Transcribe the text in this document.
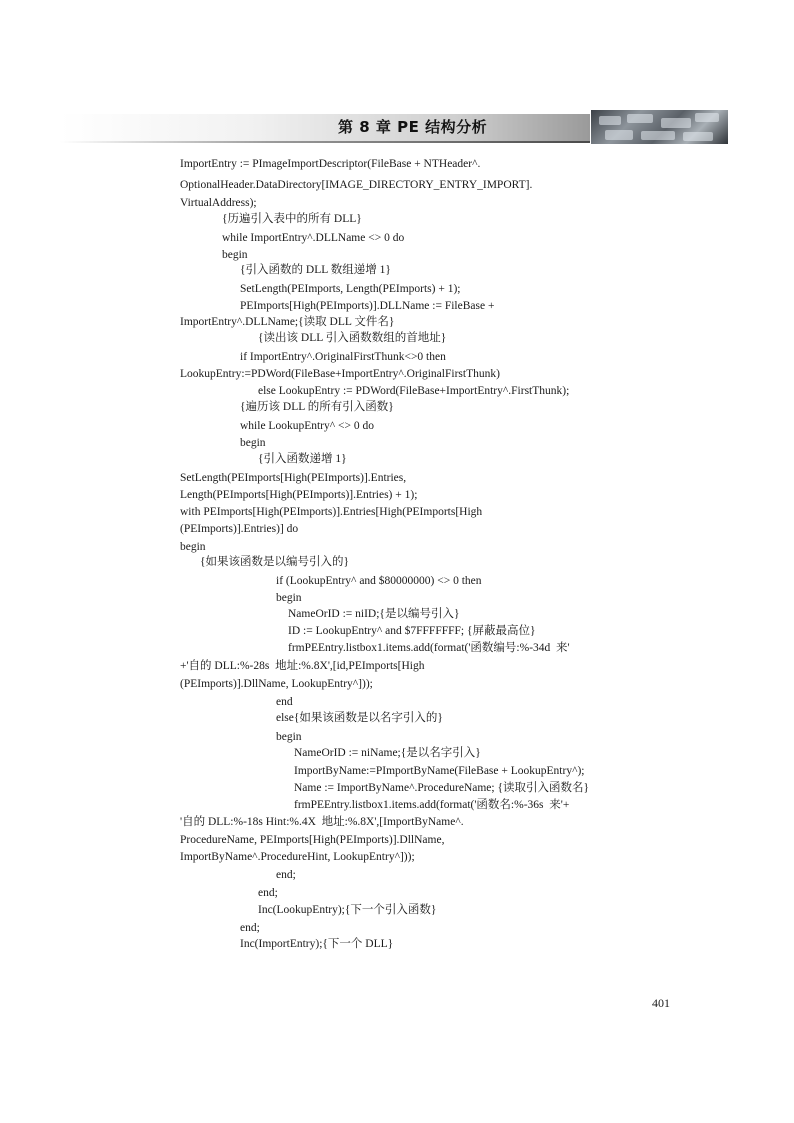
第 8 章 PE 结构分析
ImportEntry := PImageImportDescriptor(FileBase + NTHeader^.
OptionalHeader.DataDirectory[IMAGE_DIRECTORY_ENTRY_IMPORT].
VirtualAddress);
{历遍引入表中的所有 DLL}
while ImportEntry^.DLLName <> 0 do
begin
{引入函数的 DLL 数组递增 1}
SetLength(PEImports, Length(PEImports) + 1);
PEImports[High(PEImports)].DLLName := FileBase +
ImportEntry^.DLLName;{读取 DLL 文件名}
{读出该 DLL 引入函数数组的首地址}
if ImportEntry^.OriginalFirstThunk<>0 then
LookupEntry:=PDWord(FileBase+ImportEntry^.OriginalFirstThunk)
else LookupEntry := PDWord(FileBase+ImportEntry^.FirstThunk);
{遍历该 DLL 的所有引入函数}
while LookupEntry^ <> 0 do
begin
{引入函数递增 1}
SetLength(PEImports[High(PEImports)].Entries,
Length(PEImports[High(PEImports)].Entries) + 1);
with PEImports[High(PEImports)].Entries[High(PEImports[High
(PEImports)].Entries)] do
begin
{如果该函数是以编号引入的}
if (LookupEntry^ and $80000000) <> 0 then
begin
NameOrID := niID;{是以编号引入}
ID := LookupEntry^ and $7FFFFFFF; {屏蔽最高位}
frmPEEntry.listbox1.items.add(format('函数编号:%-34d  来'
+'自的 DLL:%-28s  地址:%.8X',[id,PEImports[High
(PEImports)].DllName, LookupEntry^]));
end
else{如果该函数是以名字引入的}
begin
NameOrID := niName;{是以名字引入}
ImportByName:=PImportByName(FileBase + LookupEntry^);
Name := ImportByName^.ProcedureName; {读取引入函数名}
frmPEEntry.listbox1.items.add(format('函数名:%-36s  来'+
'自的 DLL:%-18s Hint:%.4X  地址:%.8X',[ImportByName^.
ProcedureName, PEImports[High(PEImports)].DllName,
ImportByName^.ProcedureHint, LookupEntry^]));
end;
end;
Inc(LookupEntry);{下一个引入函数}
end;
Inc(ImportEntry);{下一个 DLL}
401
